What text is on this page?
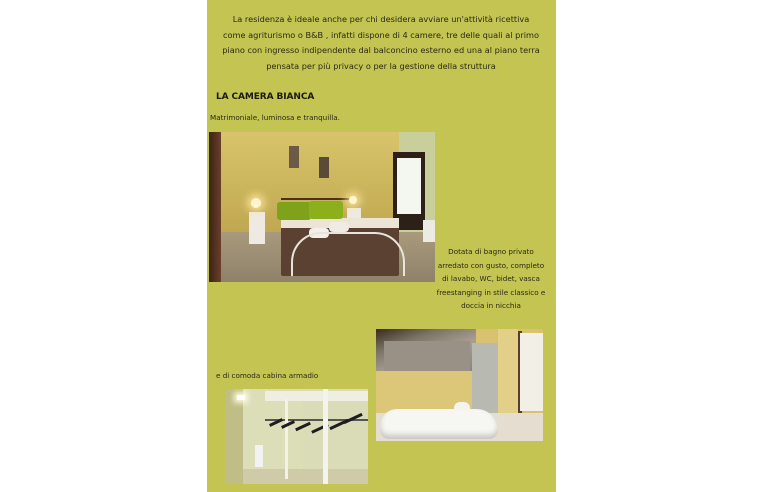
La residenza è ideale anche per chi desidera avviare un'attività ricettiva come agriturismo o B&B , infatti dispone di 4 camere, tre delle quali al primo piano con ingresso indipendente dal balconcino esterno ed una al piano terra pensata per più privacy o per la gestione della struttura
LA CAMERA BIANCA
Matrimoniale, luminosa e tranquilla.
Dotata di bagno privato arredato con gusto, completo di lavabo, WC, bidet, vasca freestanging in stile classico e doccia in nicchia
e di comoda cabina armadio
